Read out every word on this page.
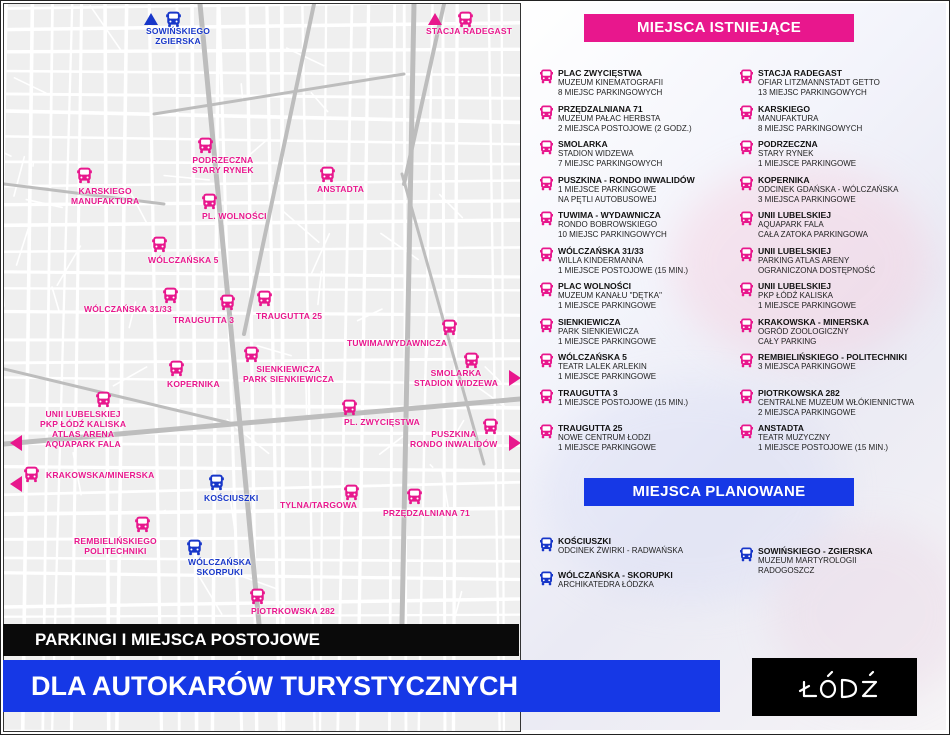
SOWIŃSKIEGO
ZGIERSKA
STACJA RADEGAST
PODRZECZNA
STARY RYNEK
KARSKIEGO
MANUFAKTURA
ANSTADTA
PL. WOLNOŚCI
WÓLCZAŃSKA 5
WÓLCZAŃSKA 31/33
TRAUGUTTA 3	TRAUGUTTA 25
TUWIMA/WYDAWNICZA
SIENKIEWICZA
PARK SIENKIEWICZA
KOPERNIKA
SMOLARKA
STADION WIDZEWA
PL. ZWYCIĘSTWA
UNII LUBELSKIEJ
PKP ŁÓDŹ KALISKA
ATLAS ARENA
AQUAPARK FALA
PUSZKINA
RONDO INWALIDÓW
KRAKOWSKA/MINERSKA
KOŚCIUSZKI
TYLNA/TARGOWA
PRZĘDZALNIANA 71
REMBIELIŃSKIEGO
POLITECHNIKI
WÓLCZAŃSKA
SKORPUKI
PIOTRKOWSKA 282
MIEJSCA ISTNIEJĄCE
MIEJSCA PLANOWANE
PLAC ZWYCIĘSTWA
MUZEUM KINEMATOGRAFII
8 MIEJSC PARKINGOWYCH
PRZĘDZALNIANA 71
MUZEUM PAŁAC HERBSTA
2 MIEJSCA POSTOJOWE (2 GODZ.)
SMOLARKA
STADION WIDZEWA
7 MIEJSC PARKINGOWYCH
PUSZKINA - RONDO INWALIDÓW
1 MIEJSCE PARKINGOWE
NA PĘTLI AUTOBUSOWEJ
TUWIMA - WYDAWNICZA
RONDO BOBROWSKIEGO
10 MIEJSC PARKINGOWYCH
WÓLCZAŃSKA 31/33
WILLA KINDERMANNA
1 MIEJSCE POSTOJOWE (15 MIN.)
PLAC WOLNOŚCI
MUZEUM KANAŁU "DĘTKA"
1 MIEJSCE PARKINGOWE
SIENKIEWICZA
PARK SIENKIEWICZA
1 MIEJSCE PARKINGOWE
WÓLCZAŃSKA 5
TEATR LALEK ARLEKIN
1 MIEJSCE PARKINGOWE
TRAUGUTTA 3
1 MIEJSCE POSTOJOWE (15 MIN.)
TRAUGUTTA 25
NOWE CENTRUM ŁODZI
1 MIEJSCE PARKINGOWE
STACJA RADEGAST
OFIAR LITZMANNSTADT GETTO
13 MIEJSC PARKINGOWYCH
KARSKIEGO
MANUFAKTURA
8 MIEJSC PARKINGOWYCH
PODRZECZNA
STARY RYNEK
1 MIEJSCE PARKINGOWE
KOPERNIKA
ODCINEK GDAŃSKA - WÓLCZAŃSKA
3 MIEJSCA PARKINGOWE
UNII LUBELSKIEJ
AQUAPARK FALA
CAŁA ZATOKA PARKINGOWA
UNII LUBELSKIEJ
PARKING ATLAS ARENY
OGRANICZONA DOSTĘPNOŚĆ
UNII LUBELSKIEJ
PKP ŁÓDŹ KALISKA
1 MIEJSCE PARKINGOWE
KRAKOWSKA - MINERSKA
OGRÓD ZOOLOGICZNY
CAŁY PARKING
REMBIELIŃSKIEGO - POLITECHNIKI
3 MIEJSCA PARKINGOWE
PIOTRKOWSKA 282
CENTRALNE MUZEUM WŁÓKIENNICTWA
2 MIEJSCA PARKINGOWE
ANSTADTA
TEATR MUZYCZNY
1 MIEJSCE POSTOJOWE (15 MIN.)
KOŚCIUSZKI
ODCINEK ŻWIRKI - RADWAŃSKA
WÓLCZAŃSKA - SKORUPKI
ARCHIKATEDRA ŁÓDZKA
SOWIŃSKIEGO - ZGIERSKA
MUZEUM MARTYROLOGII
RADOGOSZCZ
PARKINGI I MIEJSCA POSTOJOWE
DLA AUTOKARÓW TURYSTYCZNYCH
